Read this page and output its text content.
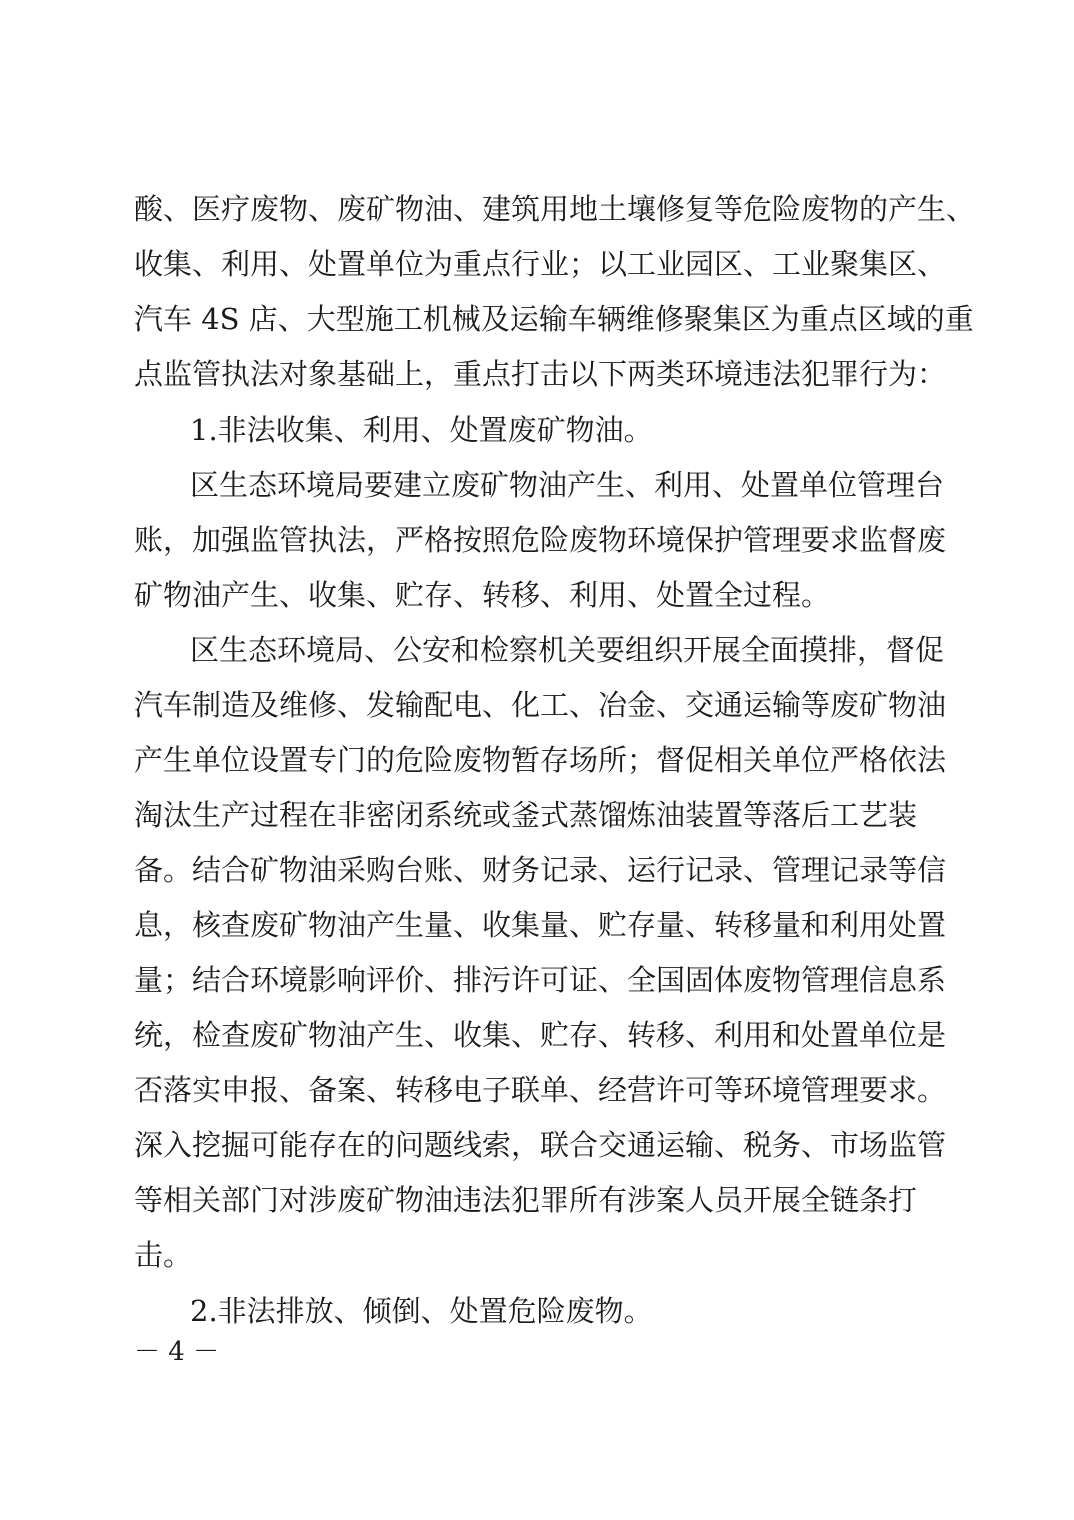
酸、医疗废物、废矿物油、建筑用地土壤修复等危险废物的产生、
收集、利用、处置单位为重点行业；以工业园区、工业聚集区、
汽车 4S 店、大型施工机械及运输车辆维修聚集区为重点区域的重
点监管执法对象基础上，重点打击以下两类环境违法犯罪行为：
1.非法收集、利用、处置废矿物油。
区生态环境局要建立废矿物油产生、利用、处置单位管理台
账，加强监管执法，严格按照危险废物环境保护管理要求监督废
矿物油产生、收集、贮存、转移、利用、处置全过程。
区生态环境局、公安和检察机关要组织开展全面摸排，督促
汽车制造及维修、发输配电、化工、冶金、交通运输等废矿物油
产生单位设置专门的危险废物暂存场所；督促相关单位严格依法
淘汰生产过程在非密闭系统或釜式蒸馏炼油装置等落后工艺装
备。结合矿物油采购台账、财务记录、运行记录、管理记录等信
息，核查废矿物油产生量、收集量、贮存量、转移量和利用处置
量；结合环境影响评价、排污许可证、全国固体废物管理信息系
统，检查废矿物油产生、收集、贮存、转移、利用和处置单位是
否落实申报、备案、转移电子联单、经营许可等环境管理要求。
深入挖掘可能存在的问题线索，联合交通运输、税务、市场监管
等相关部门对涉废矿物油违法犯罪所有涉案人员开展全链条打
击。
2.非法排放、倾倒、处置危险废物。
－ 4 －
